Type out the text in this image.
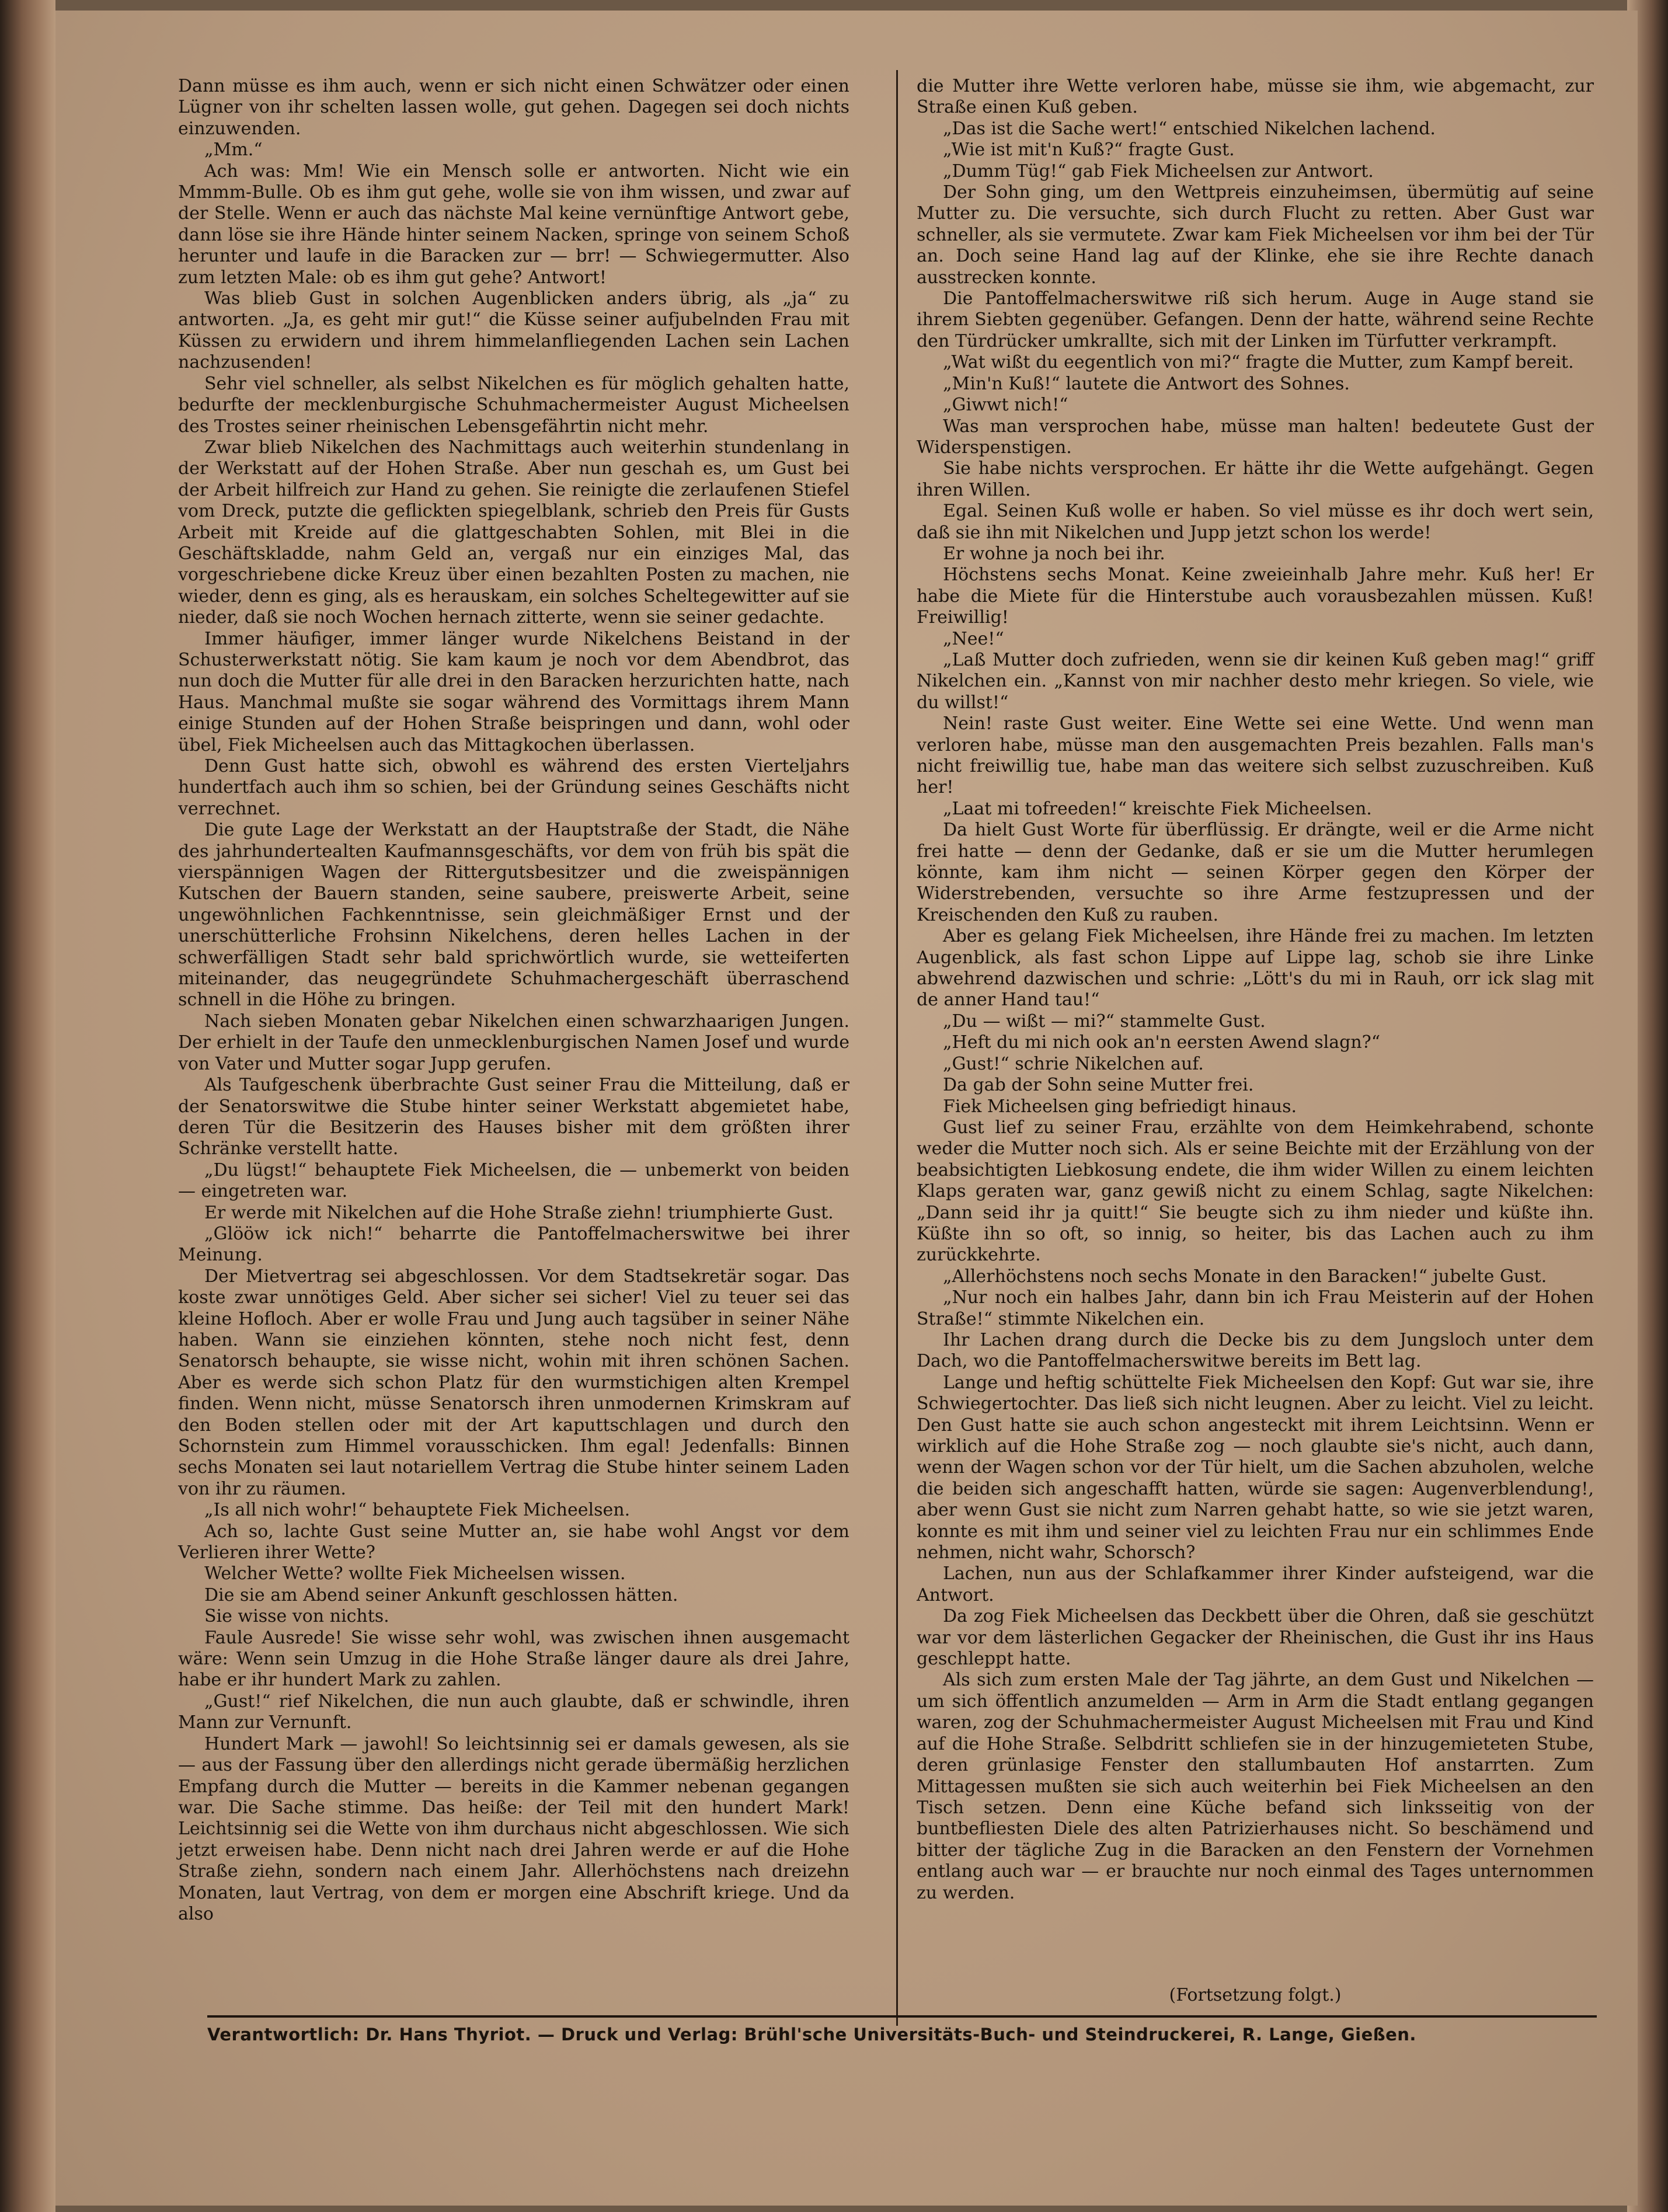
Dann müsse es ihm auch, wenn er sich nicht einen Schwätzer oder einen Lügner von ihr schelten lassen wolle, gut gehen. Dagegen sei doch nichts einzuwenden.

„Mm.“

Ach was: Mm! Wie ein Mensch solle er antworten. Nicht wie ein Mmmm-Bulle. Ob es ihm gut gehe, wolle sie von ihm wissen, und zwar auf der Stelle. Wenn er auch das nächste Mal keine vernünftige Antwort gebe, dann löse sie ihre Hände hinter seinem Nacken, springe von seinem Schoß herunter und laufe in die Baracken zur — brr! — Schwiegermutter. Also zum letzten Male: ob es ihm gut gehe? Antwort!

Was blieb Gust in solchen Augenblicken anders übrig, als „ja“ zu antworten. „Ja, es geht mir gut!“ die Küsse seiner aufjubelnden Frau mit Küssen zu erwidern und ihrem himmelanfliegenden Lachen sein Lachen nachzusenden!

Sehr viel schneller, als selbst Nikelchen es für möglich gehalten hatte, bedurfte der mecklenburgische Schuhmachermeister August Micheelsen des Trostes seiner rheinischen Lebensgefährtin nicht mehr.

Zwar blieb Nikelchen des Nachmittags auch weiterhin stundenlang in der Werkstatt auf der Hohen Straße. Aber nun geschah es, um Gust bei der Arbeit hilfreich zur Hand zu gehen. Sie reinigte die zerlaufenen Stiefel vom Dreck, putzte die geflickten spiegelblank, schrieb den Preis für Gusts Arbeit mit Kreide auf die glattgeschabten Sohlen, mit Blei in die Geschäftskladde, nahm Geld an, vergaß nur ein einziges Mal, das vorgeschriebene dicke Kreuz über einen bezahlten Posten zu machen, nie wieder, denn es ging, als es herauskam, ein solches Scheltegewitter auf sie nieder, daß sie noch Wochen hernach zitterte, wenn sie seiner gedachte.

Immer häufiger, immer länger wurde Nikelchens Beistand in der Schusterwerkstatt nötig. Sie kam kaum je noch vor dem Abendbrot, das nun doch die Mutter für alle drei in den Baracken herzurichten hatte, nach Haus. Manchmal mußte sie sogar während des Vormittags ihrem Mann einige Stunden auf der Hohen Straße beispringen und dann, wohl oder übel, Fiek Micheelsen auch das Mittagkochen überlassen.

Denn Gust hatte sich, obwohl es während des ersten Vierteljahrs hundertfach auch ihm so schien, bei der Gründung seines Geschäfts nicht verrechnet.

Die gute Lage der Werkstatt an der Hauptstraße der Stadt, die Nähe des jahrhundertealten Kaufmannsgeschäfts, vor dem von früh bis spät die vierspännigen Wagen der Rittergutsbesitzer und die zweispännigen Kutschen der Bauern standen, seine saubere, preiswerte Arbeit, seine ungewöhnlichen Fachkenntnisse, sein gleichmäßiger Ernst und der unerschütterliche Frohsinn Nikelchens, deren helles Lachen in der schwerfälligen Stadt sehr bald sprichwörtlich wurde, sie wetteiferten miteinander, das neugegründete Schuhmachergeschäft überraschend schnell in die Höhe zu bringen.

Nach sieben Monaten gebar Nikelchen einen schwarzhaarigen Jungen. Der erhielt in der Taufe den unmecklenburgischen Namen Josef und wurde von Vater und Mutter sogar Jupp gerufen.

Als Taufgeschenk überbrachte Gust seiner Frau die Mitteilung, daß er der Senatorswitwe die Stube hinter seiner Werkstatt abgemietet habe, deren Tür die Besitzerin des Hauses bisher mit dem größten ihrer Schränke verstellt hatte.

„Du lügst!“ behauptete Fiek Micheelsen, die — unbemerkt von beiden — eingetreten war.

Er werde mit Nikelchen auf die Hohe Straße ziehn! triumphierte Gust.

„Glööw ick nich!“ beharrte die Pantoffelmacherswitwe bei ihrer Meinung.

Der Mietvertrag sei abgeschlossen. Vor dem Stadtsekretär sogar. Das koste zwar unnötiges Geld. Aber sicher sei sicher! Viel zu teuer sei das kleine Hofloch. Aber er wolle Frau und Jung auch tagsüber in seiner Nähe haben. Wann sie einziehen könnten, stehe noch nicht fest, denn Senatorsch behaupte, sie wisse nicht, wohin mit ihren schönen Sachen. Aber es werde sich schon Platz für den wurmstichigen alten Krempel finden. Wenn nicht, müsse Senatorsch ihren unmodernen Krimskram auf den Boden stellen oder mit der Art kaputtschlagen und durch den Schornstein zum Himmel vorausschicken. Ihm egal! Jedenfalls: Binnen sechs Monaten sei laut notariellem Vertrag die Stube hinter seinem Laden von ihr zu räumen.

„Is all nich wohr!“ behauptete Fiek Micheelsen.

Ach so, lachte Gust seine Mutter an, sie habe wohl Angst vor dem Verlieren ihrer Wette?

Welcher Wette? wollte Fiek Micheelsen wissen.

Die sie am Abend seiner Ankunft geschlossen hätten.

Sie wisse von nichts.

Faule Ausrede! Sie wisse sehr wohl, was zwischen ihnen ausgemacht wäre: Wenn sein Umzug in die Hohe Straße länger daure als drei Jahre, habe er ihr hundert Mark zu zahlen.

„Gust!“ rief Nikelchen, die nun auch glaubte, daß er schwindle, ihren Mann zur Vernunft.

Hundert Mark — jawohl! So leichtsinnig sei er damals gewesen, als sie — aus der Fassung über den allerdings nicht gerade übermäßig herzlichen Empfang durch die Mutter — bereits in die Kammer nebenan gegangen war. Die Sache stimme. Das heiße: der Teil mit den hundert Mark! Leichtsinnig sei die Wette von ihm durchaus nicht abgeschlossen. Wie sich jetzt erweisen habe. Denn nicht nach drei Jahren werde er auf die Hohe Straße ziehn, sondern nach einem Jahr. Allerhöchstens nach dreizehn Monaten, laut Vertrag, von dem er morgen eine Abschrift kriege. Und da also

die Mutter ihre Wette verloren habe, müsse sie ihm, wie abgemacht, zur Straße einen Kuß geben.

„Das ist die Sache wert!“ entschied Nikelchen lachend.

„Wie ist mit'n Kuß?“ fragte Gust.

„Dumm Tüg!“ gab Fiek Micheelsen zur Antwort.

Der Sohn ging, um den Wettpreis einzuheimsen, übermütig auf seine Mutter zu. Die versuchte, sich durch Flucht zu retten. Aber Gust war schneller, als sie vermutete. Zwar kam Fiek Micheelsen vor ihm bei der Tür an. Doch seine Hand lag auf der Klinke, ehe sie ihre Rechte danach ausstrecken konnte.

Die Pantoffelmacherswitwe riß sich herum. Auge in Auge stand sie ihrem Siebten gegenüber. Gefangen. Denn der hatte, während seine Rechte den Türdrücker umkrallte, sich mit der Linken im Türfutter verkrampft.

„Wat wißt du eegentlich von mi?“ fragte die Mutter, zum Kampf bereit.

„Min'n Kuß!“ lautete die Antwort des Sohnes.

„Giwwt nich!“

Was man versprochen habe, müsse man halten! bedeutete Gust der Widerspenstigen.

Sie habe nichts versprochen. Er hätte ihr die Wette aufgehängt. Gegen ihren Willen.

Egal. Seinen Kuß wolle er haben. So viel müsse es ihr doch wert sein, daß sie ihn mit Nikelchen und Jupp jetzt schon los werde!

Er wohne ja noch bei ihr.

Höchstens sechs Monat. Keine zweieinhalb Jahre mehr. Kuß her! Er habe die Miete für die Hinterstube auch vorausbezahlen müssen. Kuß! Freiwillig!

„Nee!“

„Laß Mutter doch zufrieden, wenn sie dir keinen Kuß geben mag!“ griff Nikelchen ein. „Kannst von mir nachher desto mehr kriegen. So viele, wie du willst!“

Nein! raste Gust weiter. Eine Wette sei eine Wette. Und wenn man verloren habe, müsse man den ausgemachten Preis bezahlen. Falls man's nicht freiwillig tue, habe man das weitere sich selbst zuzuschreiben. Kuß her!

„Laat mi tofreeden!“ kreischte Fiek Micheelsen.

Da hielt Gust Worte für überflüssig. Er drängte, weil er die Arme nicht frei hatte — denn der Gedanke, daß er sie um die Mutter herumlegen könnte, kam ihm nicht — seinen Körper gegen den Körper der Widerstrebenden, versuchte so ihre Arme festzupressen und der Kreischenden den Kuß zu rauben.

Aber es gelang Fiek Micheelsen, ihre Hände frei zu machen. Im letzten Augenblick, als fast schon Lippe auf Lippe lag, schob sie ihre Linke abwehrend dazwischen und schrie: „Lött's du mi in Rauh, orr ick slag mit de anner Hand tau!“

„Du — wißt — mi?“ stammelte Gust.

„Heft du mi nich ook an'n eersten Awend slagn?“

„Gust!“ schrie Nikelchen auf.

Da gab der Sohn seine Mutter frei.

Fiek Micheelsen ging befriedigt hinaus.

Gust lief zu seiner Frau, erzählte von dem Heimkehrabend, schonte weder die Mutter noch sich. Als er seine Beichte mit der Erzählung von der beabsichtigten Liebkosung endete, die ihm wider Willen zu einem leichten Klaps geraten war, ganz gewiß nicht zu einem Schlag, sagte Nikelchen: „Dann seid ihr ja quitt!“ Sie beugte sich zu ihm nieder und küßte ihn. Küßte ihn so oft, so innig, so heiter, bis das Lachen auch zu ihm zurückkehrte.

„Allerhöchstens noch sechs Monate in den Baracken!“ jubelte Gust.

„Nur noch ein halbes Jahr, dann bin ich Frau Meisterin auf der Hohen Straße!“ stimmte Nikelchen ein.

Ihr Lachen drang durch die Decke bis zu dem Jungsloch unter dem Dach, wo die Pantoffelmacherswitwe bereits im Bett lag.

Lange und heftig schüttelte Fiek Micheelsen den Kopf: Gut war sie, ihre Schwiegertochter. Das ließ sich nicht leugnen. Aber zu leicht. Viel zu leicht. Den Gust hatte sie auch schon angesteckt mit ihrem Leichtsinn. Wenn er wirklich auf die Hohe Straße zog — noch glaubte sie's nicht, auch dann, wenn der Wagen schon vor der Tür hielt, um die Sachen abzuholen, welche die beiden sich angeschafft hatten, würde sie sagen: Augenverblendung!, aber wenn Gust sie nicht zum Narren gehabt hatte, so wie sie jetzt waren, konnte es mit ihm und seiner viel zu leichten Frau nur ein schlimmes Ende nehmen, nicht wahr, Schorsch?

Lachen, nun aus der Schlafkammer ihrer Kinder aufsteigend, war die Antwort.

Da zog Fiek Micheelsen das Deckbett über die Ohren, daß sie geschützt war vor dem lästerlichen Gegacker der Rheinischen, die Gust ihr ins Haus geschleppt hatte.

Als sich zum ersten Male der Tag jährte, an dem Gust und Nikelchen — um sich öffentlich anzumelden — Arm in Arm die Stadt entlang gegangen waren, zog der Schuhmachermeister August Micheelsen mit Frau und Kind auf die Hohe Straße. Selbdritt schliefen sie in der hinzugemieteten Stube, deren grünlasige Fenster den stallumbauten Hof anstarrten. Zum Mittagessen mußten sie sich auch weiterhin bei Fiek Micheelsen an den Tisch setzen. Denn eine Küche befand sich linksseitig von der buntbefliesten Diele des alten Patrizierhauses nicht. So beschämend und bitter der tägliche Zug in die Baracken an den Fenstern der Vornehmen entlang auch war — er brauchte nur noch einmal des Tages unternommen zu werden.

(Fortsetzung folgt.)
Verantwortlich: Dr. Hans Thyriot. — Druck und Verlag: Brühl'sche Universitäts-Buch- und Steindruckerei, R. Lange, Gießen.
